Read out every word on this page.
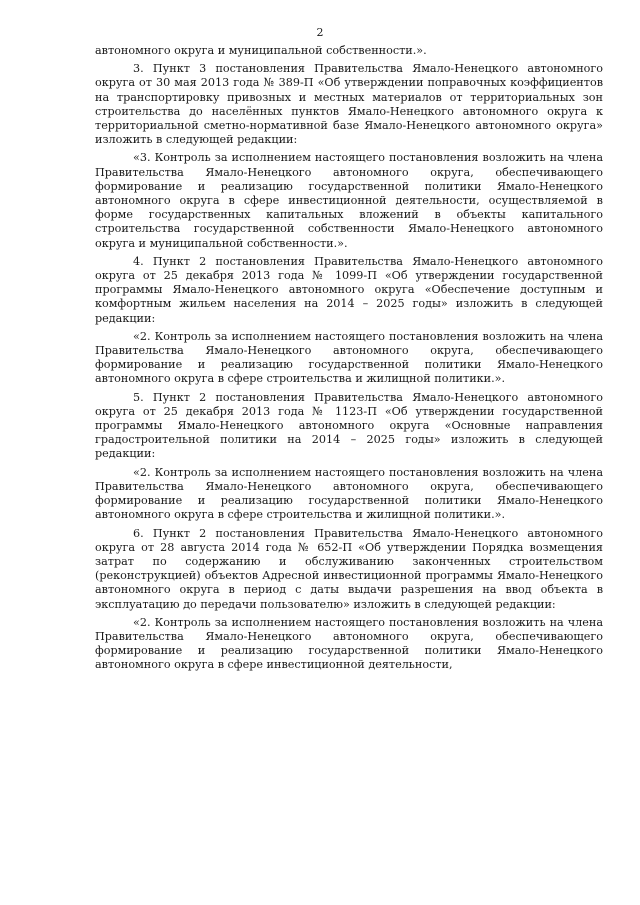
2

автономного округа и муниципальной собственности.».

3. Пункт 3 постановления Правительства Ямало-Ненецкого автономного округа от 30 мая 2013 года № 389-П «Об утверждении поправочных коэффициентов на транспортировку привозных и местных материалов от территориальных зон строительства до населённых пунктов Ямало-Ненецкого автономного округа к территориальной сметно-нормативной базе Ямало-Ненецкого автономного округа» изложить в следующей редакции:

«3. Контроль за исполнением настоящего постановления возложить на члена Правительства Ямало-Ненецкого автономного округа, обеспечивающего формирование и реализацию государственной политики Ямало-Ненецкого автономного округа в сфере инвестиционной деятельности, осуществляемой в форме государственных капитальных вложений в объекты капитального строительства государственной собственности Ямало-Ненецкого автономного округа и муниципальной собственности.».

4. Пункт 2 постановления Правительства Ямало-Ненецкого автономного округа от 25 декабря 2013 года № 1099-П «Об утверждении государственной программы Ямало-Ненецкого автономного округа «Обеспечение доступным и комфортным жильем населения на 2014 – 2025 годы» изложить в следующей редакции:

«2. Контроль за исполнением настоящего постановления возложить на члена Правительства Ямало-Ненецкого автономного округа, обеспечивающего формирование и реализацию государственной политики Ямало-Ненецкого автономного округа в сфере строительства и жилищной политики.».

5. Пункт 2 постановления Правительства Ямало-Ненецкого автономного округа от 25 декабря 2013 года № 1123-П «Об утверждении государственной программы Ямало-Ненецкого автономного округа «Основные направления градостроительной политики на 2014 – 2025 годы» изложить в следующей редакции:

«2. Контроль за исполнением настоящего постановления возложить на члена Правительства Ямало-Ненецкого автономного округа, обеспечивающего формирование и реализацию государственной политики Ямало-Ненецкого автономного округа в сфере строительства и жилищной политики.».

6. Пункт 2 постановления Правительства Ямало-Ненецкого автономного округа от 28 августа 2014 года № 652-П «Об утверждении Порядка возмещения затрат по содержанию и обслуживанию законченных строительством (реконструкцией) объектов Адресной инвестиционной программы Ямало-Ненецкого автономного округа в период с даты выдачи разрешения на ввод объекта в эксплуатацию до передачи пользователю» изложить в следующей редакции:

«2. Контроль за исполнением настоящего постановления возложить на члена Правительства Ямало-Ненецкого автономного округа, обеспечивающего формирование и реализацию государственной политики Ямало-Ненецкого автономного округа в сфере инвестиционной деятельности,
